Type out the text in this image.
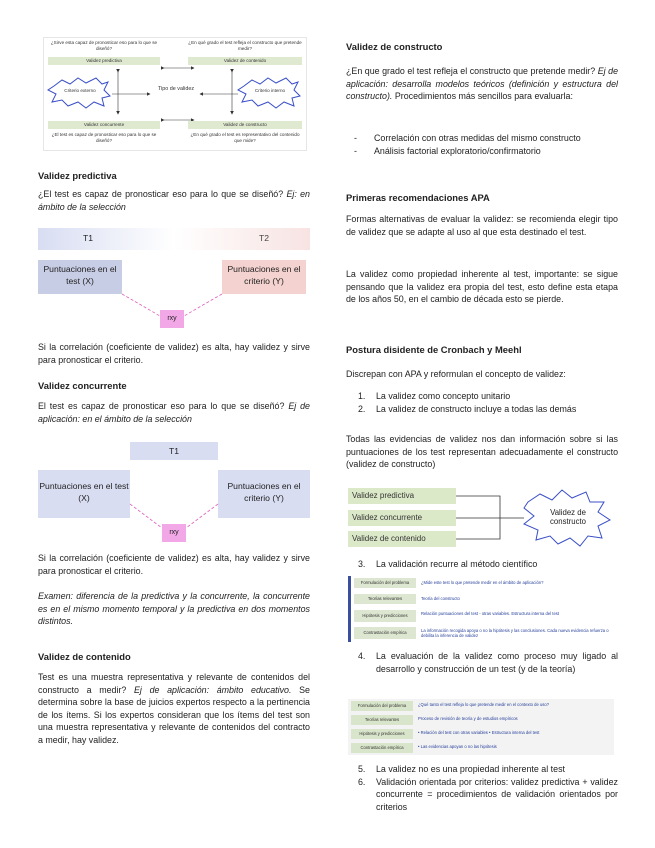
¿Sirve esta capaz de pronosticar eso para lo que se diseñó?
¿En qué grado el test refleja el constructo que pretende medir?
Validez predictiva	Validez de contenido
Criterio externo	Criterio interno
Tipo de validez
Validez concurrente	Validez de constructo
¿El test es capaz de pronosticar eso para lo que se diseñó?
¿En qué grado el test es representativo del contenido que mide?
Validez predictiva

¿El test es capaz de pronosticar eso para lo que se diseñó? Ej: en ámbito de la selección

T1	T2
Puntuaciones en el test (X)
Puntuaciones en el criterio (Y)
rxy

Si la correlación (coeficiente de validez) es alta, hay validez y sirve para pronosticar el criterio.

Validez concurrente

El test es capaz de pronosticar eso para lo que se diseñó? Ej de aplicación: en el ámbito de la selección

T1
Puntuaciones en el test (X)
Puntuaciones en el criterio (Y)
rxy

Si la correlación (coeficiente de validez) es alta, hay validez y sirve para pronosticar el criterio.

Examen: diferencia de la predictiva y la concurrente, la concurrente es en el mismo momento temporal y la predictiva en dos momentos distintos.

Validez de contenido

Test es una muestra representativa y relevante de contenidos del constructo a medir? Ej de aplicación: ámbito educativo. Se determina sobre la base de juicios expertos respecto a la pertinencia de los ítems. Si los expertos consideran que los ítems del test son una muestra representativa y relevante de contenidos del contracto a medir, hay validez.

Validez de constructo

¿En que grado el test refleja el constructo que pretende medir? Ej de aplicación: desarrolla modelos teóricos (definición y estructura del constructo). Procedimientos más sencillos para evaluarla:

- Correlación con otras medidas del mismo constructo
- Análisis factorial exploratorio/confirmatorio
Primeras recomendaciones APA

Formas alternativas de evaluar la validez: se recomienda elegir tipo de validez que se adapte al uso al que esta destinado el test.

La validez como propiedad inherente al test, importante: se sigue pensando que la validez era propia del test, esto define esta etapa de los años 50, en el cambio de década esto se pierde.

Postura disidente de Cronbach y Meehl

Discrepan con APA y reformulan el concepto de validez:

1. La validez como concepto unitario
2. La validez de constructo incluye a todas las demás

Todas las evidencias de validez nos dan información sobre si las puntuaciones de los test representan adecuadamente el constructo (validez de constructo)

Validez predictiva
Validez concurrente
Validez de contenido
Validez de constructo
3. La validación recurre al método científico
Formulación del problema	¿Mide este test lo que pretende medir en el ámbito de aplicación?
Teorías relevantes	Teoría del constructo
Hipótesis y predicciones	Relación puntuaciones del test - otras variables. Estructura interna del test
Contrastación empírica	La información recogida apoya o no la hipótesis y las conclusiones. Cada nueva evidencia refuerza o debilita la inferencia de validez
4. La evaluación de la validez como proceso muy ligado al desarrollo y construcción de un test (y de la teoría)
Formulación del problema	¿Qué tanto el test refleja lo que pretende medir en el contexto de uso?
Teorías relevantes	Proceso de revisión de teoría y de estudios empíricos
Hipótesis y predicciones	• Relación del test con otras variables • Estructura interna del test
Contrastación empírica	• Las evidencias apoyan o no las hipótesis
5. La validez no es una propiedad inherente al test
6. Validación orientada por criterios: validez predictiva + validez concurrente = procedimientos de validación orientados por criterios
